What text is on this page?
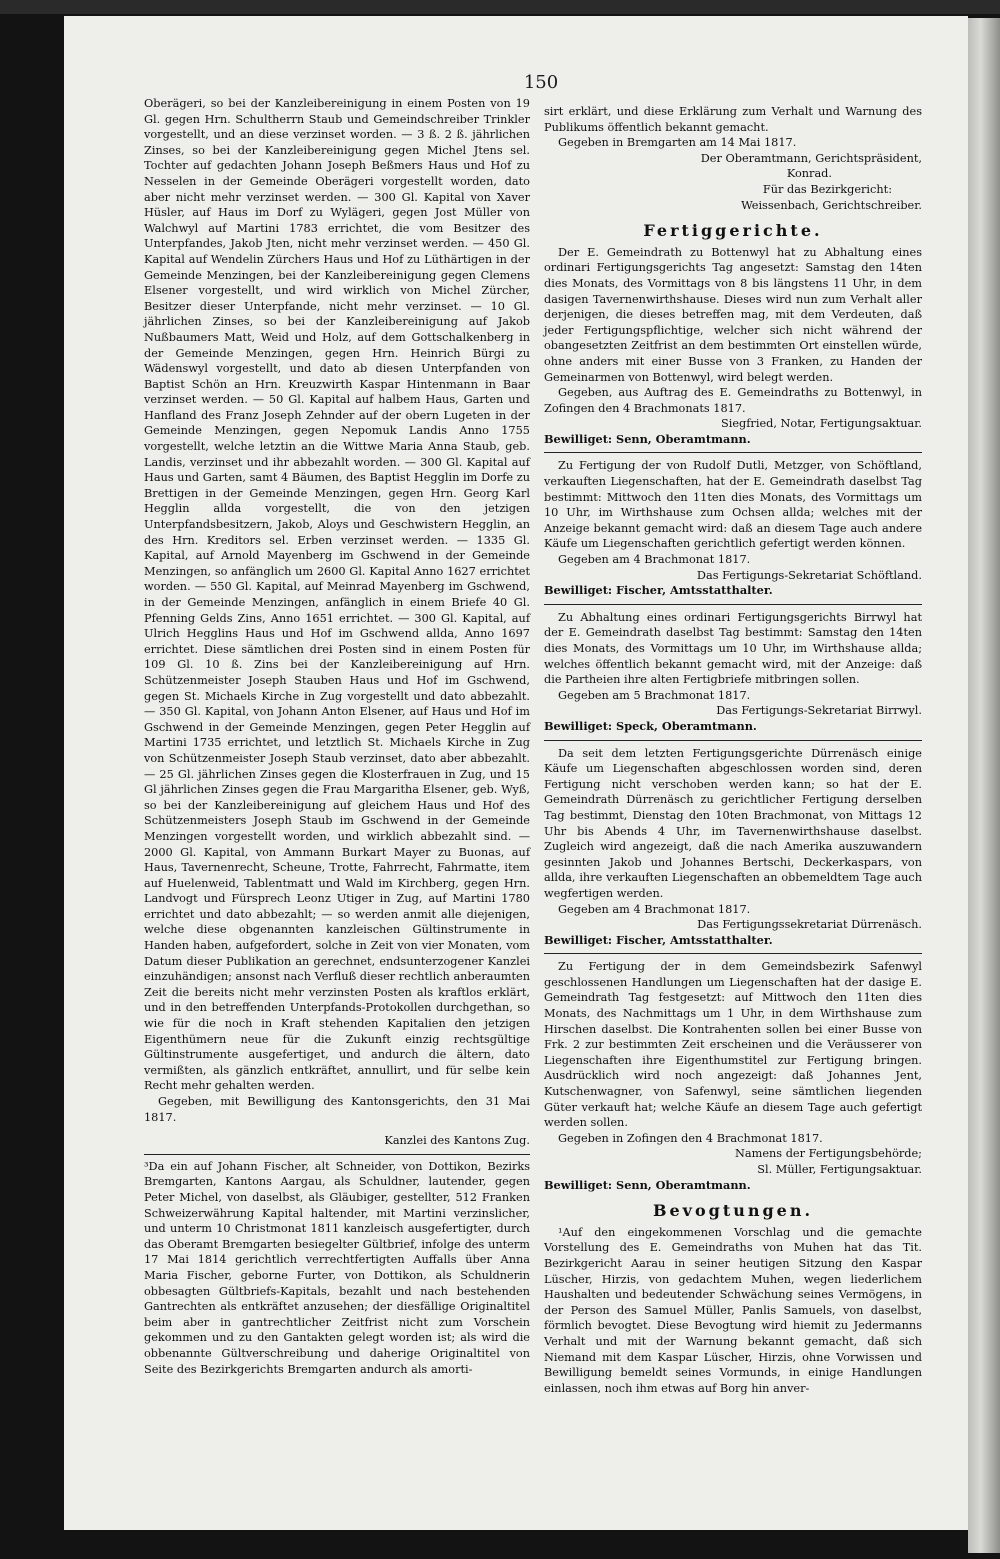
150

Oberägeri, so bei der Kanzleibereinigung in einem Posten von 19 Gl. gegen Hrn. Schultherrn Staub und Gemeindschreiber Trinkler vorgestellt, und an diese verzinset worden. — 3 ß. 2 ß. jährlichen Zinses, so bei der Kanzleibereinigung gegen Michel Jtens sel. Tochter auf gedachten Johann Joseph Beßmers Haus und Hof zu Nesselen in der Gemeinde Oberägeri vorgestellt worden, dato aber nicht mehr verzinset werden. — 300 Gl. Kapital von Xaver Hüsler, auf Haus im Dorf zu Wylägeri, gegen Jost Müller von Walchwyl auf Martini 1783 errichtet, die vom Besitzer des Unterpfandes, Jakob Jten, nicht mehr verzinset werden. — 450 Gl. Kapital auf Wendelin Zürchers Haus und Hof zu Lüthärtigen in der Gemeinde Menzingen, bei der Kanzleibereinigung gegen Clemens Elsener vorgestellt, und wird wirklich von Michel Zürcher, Besitzer dieser Unterpfande, nicht mehr verzinset. — 10 Gl. jährlichen Zinses, so bei der Kanzleibereinigung auf Jakob Nußbaumers Matt, Weid und Holz, auf dem Gottschalkenberg in der Gemeinde Menzingen, gegen Hrn. Heinrich Bürgi zu Wädenswyl vorgestellt, und dato ab diesen Unterpfanden von Baptist Schön an Hrn. Kreuzwirth Kaspar Hintenmann in Baar verzinset werden. — 50 Gl. Kapital auf halbem Haus, Garten und Hanfland des Franz Joseph Zehnder auf der obern Lugeten in der Gemeinde Menzingen, gegen Nepomuk Landis Anno 1755 vorgestellt, welche letztin an die Wittwe Maria Anna Staub, geb. Landis, verzinset und ihr abbezahlt worden. — 300 Gl. Kapital auf Haus und Garten, samt 4 Bäumen, des Baptist Hegglin im Dorfe zu Brettigen in der Gemeinde Menzingen, gegen Hrn. Georg Karl Hegglin allda vorgestellt, die von den jetzigen Unterpfandsbesitzern, Jakob, Aloys und Geschwistern Hegglin, an des Hrn. Kreditors sel. Erben verzinset werden. — 1335 Gl. Kapital, auf Arnold Mayenberg im Gschwend in der Gemeinde Menzingen, so anfänglich um 2600 Gl. Kapital Anno 1627 errichtet worden. — 550 Gl. Kapital, auf Meinrad Mayenberg im Gschwend, in der Gemeinde Menzingen, anfänglich in einem Briefe 40 Gl. Pfenning Gelds Zins, Anno 1651 errichtet. — 300 Gl. Kapital, auf Ulrich Hegglins Haus und Hof im Gschwend allda, Anno 1697 errichtet. Diese sämtlichen drei Posten sind in einem Posten für 109 Gl. 10 ß. Zins bei der Kanzleibereinigung auf Hrn. Schützenmeister Joseph Stauben Haus und Hof im Gschwend, gegen St. Michaels Kirche in Zug vorgestellt und dato abbezahlt. — 350 Gl. Kapital, von Johann Anton Elsener, auf Haus und Hof im Gschwend in der Gemeinde Menzingen, gegen Peter Hegglin auf Martini 1735 errichtet, und letztlich St. Michaels Kirche in Zug von Schützenmeister Joseph Staub verzinset, dato aber abbezahlt. — 25 Gl. jährlichen Zinses gegen die Klosterfrauen in Zug, und 15 Gl jährlichen Zinses gegen die Frau Margaritha Elsener, geb. Wyß, so bei der Kanzleibereinigung auf gleichem Haus und Hof des Schützenmeisters Joseph Staub im Gschwend in der Gemeinde Menzingen vorgestellt worden, und wirklich abbezahlt sind. — 2000 Gl. Kapital, von Ammann Burkart Mayer zu Buonas, auf Haus, Tavernenrecht, Scheune, Trotte, Fahrrecht, Fahrmatte, item auf Huelenweid, Tablentmatt und Wald im Kirchberg, gegen Hrn. Landvogt und Fürsprech Leonz Utiger in Zug, auf Martini 1780 errichtet und dato abbezahlt; — so werden anmit alle diejenigen, welche diese obgenannten kanzleischen Gültinstrumente in Handen haben, aufgefordert, solche in Zeit von vier Monaten, vom Datum dieser Publikation an gerechnet, endsunterzogener Kanzlei einzuhändigen; ansonst nach Verfluß dieser rechtlich anberaumten Zeit die bereits nicht mehr verzinsten Posten als kraftlos erklärt, und in den betreffenden Unterpfands-Protokollen durchgethan, so wie für die noch in Kraft stehenden Kapitalien den jetzigen Eigenthümern neue für die Zukunft einzig rechtsgültige Gültinstrumente ausgefertiget, und andurch die ältern, dato vermißten, als gänzlich entkräftet, annullirt, und für selbe kein Recht mehr gehalten werden.

Gegeben, mit Bewilligung des Kantonsgerichts, den 31 Mai 1817.

Kanzlei des Kantons Zug.

³Da ein auf Johann Fischer, alt Schneider, von Dottikon, Bezirks Bremgarten, Kantons Aargau, als Schuldner, lautender, gegen Peter Michel, von daselbst, als Gläubiger, gestellter, 512 Franken Schweizerwährung Kapital haltender, mit Martini verzinslicher, und unterm 10 Christmonat 1811 kanzleisch ausgefertigter, durch das Oberamt Bremgarten besiegelter Gültbrief, infolge des unterm 17 Mai 1814 gerichtlich verrechtfertigten Auffalls über Anna Maria Fischer, geborne Furter, von Dottikon, als Schuldnerin obbesagten Gültbriefs-Kapitals, bezahlt und nach bestehenden Gantrechten als entkräftet anzusehen; der diesfällige Originaltitel beim aber in gantrechtlicher Zeitfrist nicht zum Vorschein gekommen und zu den Gantakten gelegt worden ist; als wird die obbenannte Gültverschreibung und daherige Originaltitel von Seite des Bezirkgerichts Bremgarten andurch als amorti-

sirt erklärt, und diese Erklärung zum Verhalt und Warnung des Publikums öffentlich bekannt gemacht.

Gegeben in Bremgarten am 14 Mai 1817.

Der Oberamtmann, Gerichtspräsident,

Konrad.

Für das Bezirkgericht:

Weissenbach, Gerichtschreiber.

Fertiggerichte.

Der E. Gemeindrath zu Bottenwyl hat zu Abhaltung eines ordinari Fertigungsgerichts Tag angesetzt: Samstag den 14ten dies Monats, des Vormittags von 8 bis längstens 11 Uhr, in dem dasigen Tavernenwirthshause. Dieses wird nun zum Verhalt aller derjenigen, die dieses betreffen mag, mit dem Verdeuten, daß jeder Fertigungspflichtige, welcher sich nicht während der obangesetzten Zeitfrist an dem bestimmten Ort einstellen würde, ohne anders mit einer Busse von 3 Franken, zu Handen der Gemeinarmen von Bottenwyl, wird belegt werden.

Gegeben, aus Auftrag des E. Gemeindraths zu Bottenwyl, in Zofingen den 4 Brachmonats 1817.

Siegfried, Notar, Fertigungsaktuar.

Bewilliget: Senn, Oberamtmann.

Zu Fertigung der von Rudolf Dutli, Metzger, von Schöftland, verkauften Liegenschaften, hat der E. Gemeindrath daselbst Tag bestimmt: Mittwoch den 11ten dies Monats, des Vormittags um 10 Uhr, im Wirthshause zum Ochsen allda; welches mit der Anzeige bekannt gemacht wird: daß an diesem Tage auch andere Käufe um Liegenschaften gerichtlich gefertigt werden können.

Gegeben am 4 Brachmonat 1817.

Das Fertigungs-Sekretariat Schöftland.

Bewilliget: Fischer, Amtsstatthalter.

Zu Abhaltung eines ordinari Fertigungsgerichts Birrwyl hat der E. Gemeindrath daselbst Tag bestimmt: Samstag den 14ten dies Monats, des Vormittags um 10 Uhr, im Wirthshause allda; welches öffentlich bekannt gemacht wird, mit der Anzeige: daß die Partheien ihre alten Fertigbriefe mitbringen sollen.

Gegeben am 5 Brachmonat 1817.

Das Fertigungs-Sekretariat Birrwyl.

Bewilliget: Speck, Oberamtmann.

Da seit dem letzten Fertigungsgerichte Dürrenäsch einige Käufe um Liegenschaften abgeschlossen worden sind, deren Fertigung nicht verschoben werden kann; so hat der E. Gemeindrath Dürrenäsch zu gerichtlicher Fertigung derselben Tag bestimmt, Dienstag den 10ten Brachmonat, von Mittags 12 Uhr bis Abends 4 Uhr, im Tavernenwirthshause daselbst. Zugleich wird angezeigt, daß die nach Amerika auszuwandern gesinnten Jakob und Johannes Bertschi, Deckerkaspars, von allda, ihre verkauften Liegenschaften an obbemeldtem Tage auch wegfertigen werden.

Gegeben am 4 Brachmonat 1817.

Das Fertigungssekretariat Dürrenäsch.

Bewilliget: Fischer, Amtsstatthalter.

Zu Fertigung der in dem Gemeindsbezirk Safenwyl geschlossenen Handlungen um Liegenschaften hat der dasige E. Gemeindrath Tag festgesetzt: auf Mittwoch den 11ten dies Monats, des Nachmittags um 1 Uhr, in dem Wirthshause zum Hirschen daselbst. Die Kontrahenten sollen bei einer Busse von Frk. 2 zur bestimmten Zeit erscheinen und die Veräusserer von Liegenschaften ihre Eigenthumstitel zur Fertigung bringen. Ausdrücklich wird noch angezeigt: daß Johannes Jent, Kutschenwagner, von Safenwyl, seine sämtlichen liegenden Güter verkauft hat; welche Käufe an diesem Tage auch gefertigt werden sollen.

Gegeben in Zofingen den 4 Brachmonat 1817.

Namens der Fertigungsbehörde;

Sl. Müller, Fertigungsaktuar.

Bewilliget: Senn, Oberamtmann.

Bevogtungen.

¹Auf den eingekommenen Vorschlag und die gemachte Vorstellung des E. Gemeindraths von Muhen hat das Tit. Bezirkgericht Aarau in seiner heutigen Sitzung den Kaspar Lüscher, Hirzis, von gedachtem Muhen, wegen liederlichem Haushalten und bedeutender Schwächung seines Vermögens, in der Person des Samuel Müller, Panlis Samuels, von daselbst, förmlich bevogtet. Diese Bevogtung wird hiemit zu Jedermanns Verhalt und mit der Warnung bekannt gemacht, daß sich Niemand mit dem Kaspar Lüscher, Hirzis, ohne Vorwissen und Bewilligung bemeldt seines Vormunds, in einige Handlungen einlassen, noch ihm etwas auf Borg hin anver-
